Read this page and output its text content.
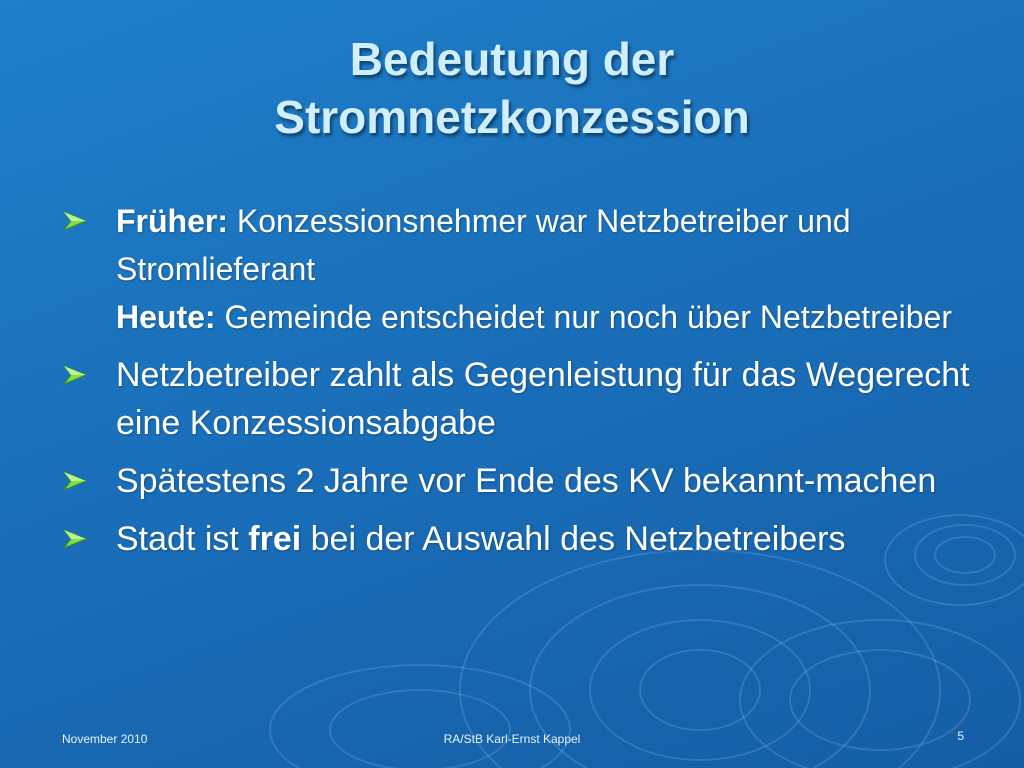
Bedeutung der
Stromnetzkonzession
Früher: Konzessionsnehmer war Netzbetreiber und Stromlieferant
Heute: Gemeinde entscheidet nur noch über Netzbetreiber
Netzbetreiber zahlt als Gegenleistung für das Wegerecht eine Konzessionsabgabe
Spätestens 2 Jahre vor Ende des KV bekannt-machen
Stadt ist frei bei der Auswahl des Netzbetreibers
November 2010	RA/StB Karl-Ernst Kappel	5
